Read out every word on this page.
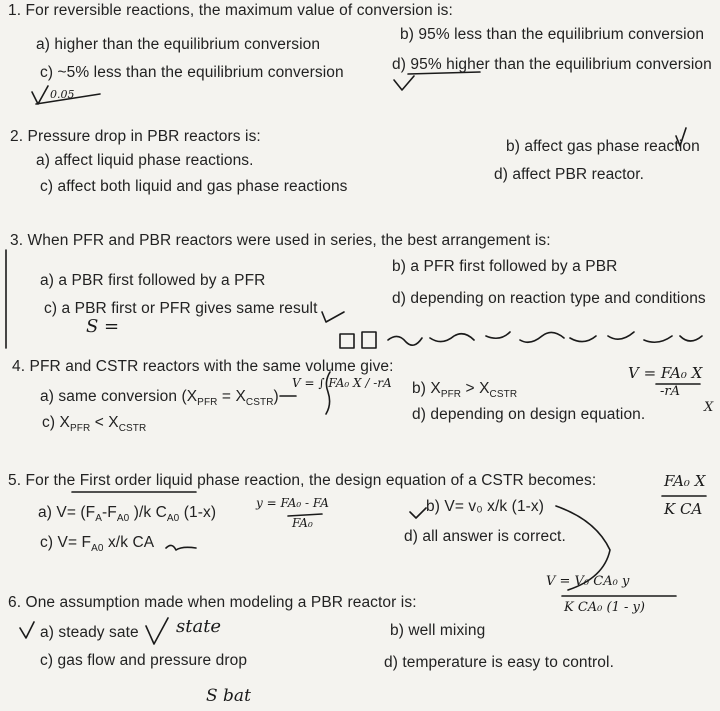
1. For reversible reactions, the maximum value of conversion is:
a) higher than the equilibrium conversion
b) 95% less than the equilibrium conversion
c) ~5% less than the equilibrium conversion	d) 95% higher than the equilibrium conversion
0.05
2. Pressure drop in PBR reactors is:
a) affect liquid phase reactions.
b) affect gas phase reaction
c) affect both liquid and gas phase reactions
d) affect PBR reactor.
3. When PFR and PBR reactors were used in series, the best arrangement is:
a) a PBR first followed by a PFR
b) a PFR first followed by a PBR
c) a PBR first or PFR gives same result
d) depending on reaction type and conditions
S =
4. PFR and CSTR reactors with the same volume give:
a) same conversion $(X_{PFR} = X_{CSTR})$	b) $X_{PFR} > X_{CSTR}$
c) $X_{PFR} < X_{CSTR}$
d) depending on design equation.
V = ∫ FA₀ X / -rA
V = FA₀ X
-rA
X
5. For the First order liquid phase reaction, the design equation of a CSTR becomes:
a) $V= (F_A-F_{A0}$ )/k $C_{A0}$ (1-x)	b) V= v₀ x/k (1-x)
c) $V= F_{A0}$ x/k CA	d) all answer is correct.
y = FA₀ - FA
FA₀
FA₀ X
K CA
6. One assumption made when modeling a PBR reactor is:
a) steady sate	b) well mixing
c) gas flow and pressure drop	d) temperature is easy to control.
V = V₀ CA₀ y
K CA₀ (1 - y)
state
S bat
